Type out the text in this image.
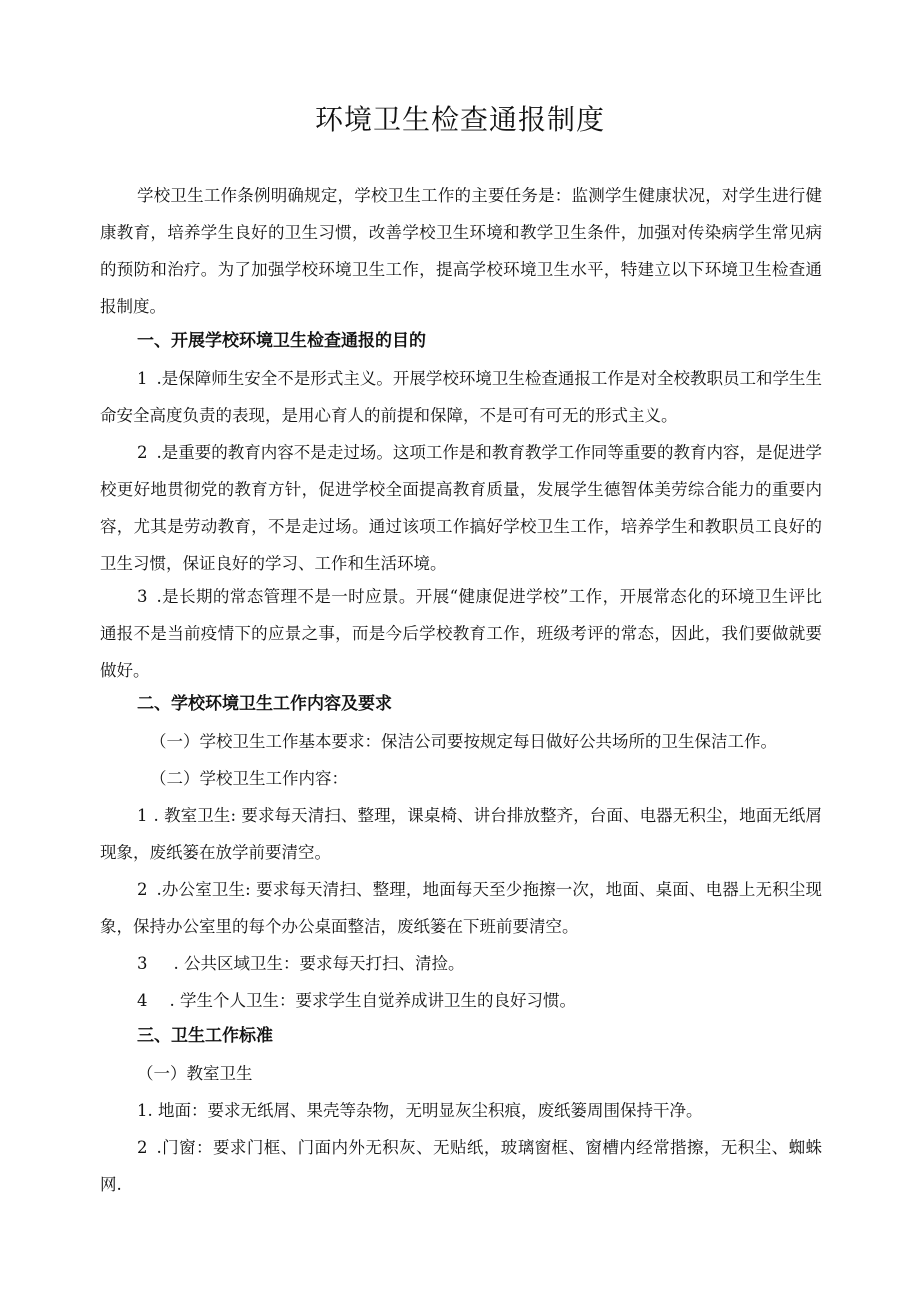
环境卫生检查通报制度
学校卫生工作条例明确规定，学校卫生工作的主要任务是：监测学生健康状况，对学生进行健康教育，培养学生良好的卫生习惯，改善学校卫生环境和教学卫生条件，加强对传染病学生常见病的预防和治疗。为了加强学校环境卫生工作，提高学校环境卫生水平，特建立以下环境卫生检查通报制度。
一、开展学校环境卫生检查通报的目的
1 .是保障师生安全不是形式主义。开展学校环境卫生检查通报工作是对全校教职员工和学生生命安全高度负责的表现，是用心育人的前提和保障，不是可有可无的形式主义。
2 .是重要的教育内容不是走过场。这项工作是和教育教学工作同等重要的教育内容，是促进学校更好地贯彻党的教育方针，促进学校全面提高教育质量，发展学生德智体美劳综合能力的重要内容，尤其是劳动教育，不是走过场。通过该项工作搞好学校卫生工作，培养学生和教职员工良好的卫生习惯，保证良好的学习、工作和生活环境。
3 .是长期的常态管理不是一时应景。开展“健康促进学校”工作，开展常态化的环境卫生评比通报不是当前疫情下的应景之事，而是今后学校教育工作，班级考评的常态，因此，我们要做就要做好。
二、学校环境卫生工作内容及要求
（一）学校卫生工作基本要求：保洁公司要按规定每日做好公共场所的卫生保洁工作。
（二）学校卫生工作内容：
1 . 教室卫生: 要求每天清扫、整理，课桌椅、讲台排放整齐，台面、电器无积尘，地面无纸屑现象，废纸篓在放学前要清空。
2 .办公室卫生: 要求每天清扫、整理，地面每天至少拖擦一次，地面、桌面、电器上无积尘现象，保持办公室里的每个办公桌面整洁，废纸篓在下班前要清空。
3 . 公共区域卫生：要求每天打扫、清捡。
4 . 学生个人卫生：要求学生自觉养成讲卫生的良好习惯。
三、卫生工作标准
（一）教室卫生
1. 地面：要求无纸屑、果壳等杂物，无明显灰尘积痕，废纸篓周围保持干净。
2 .门窗：要求门框、门面内外无积灰、无贴纸，玻璃窗框、窗槽内经常揩擦，无积尘、蜘蛛网.
